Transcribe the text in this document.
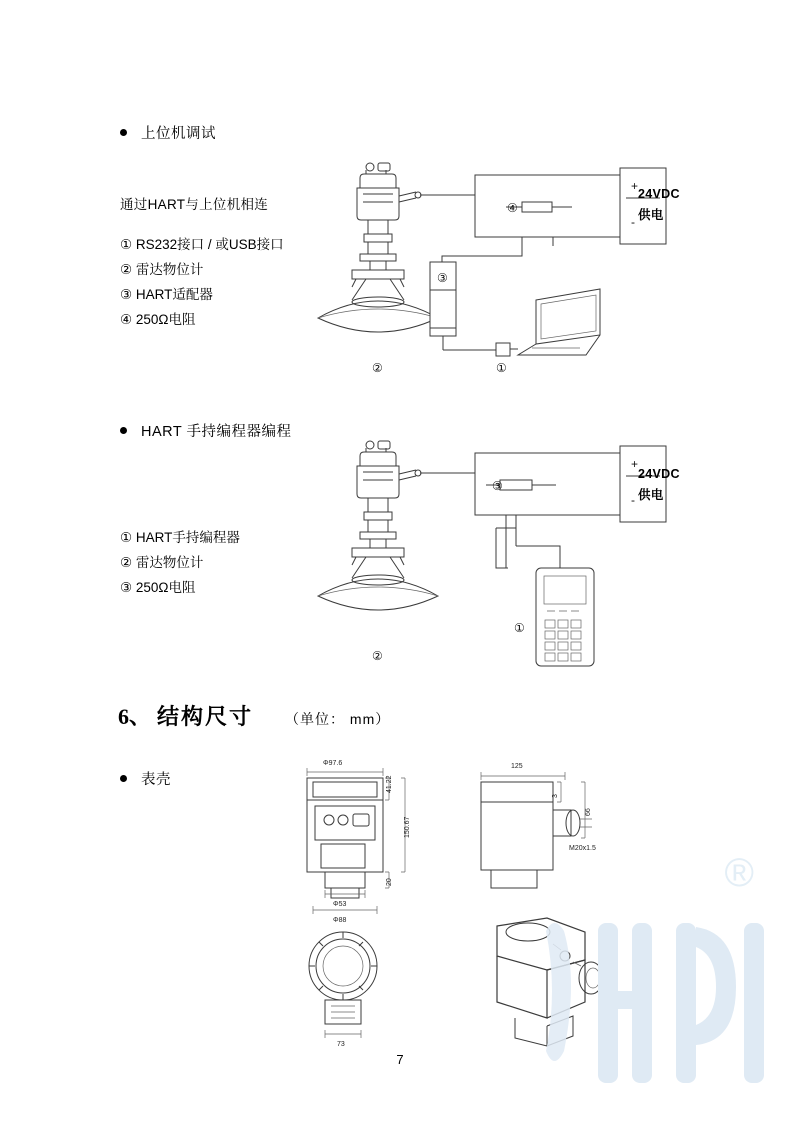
上位机调试
通过HART与上位机相连
① RS232接口 / 或USB接口
② 雷达物位计
③ HART适配器
④ 250Ω电阻
+
-
④
③
①
②
24VDC
供电
HART 手持编程器编程
① HART手持编程器
② 雷达物位计
③ 250Ω电阻
+
-
③
①
②
24VDC
供电
6、 结构尺寸 （单位： mm）
表壳
Φ97.6
41.22
150.67
20
Φ53
Φ88
125
M20x1.5
3
66
73
®
7
